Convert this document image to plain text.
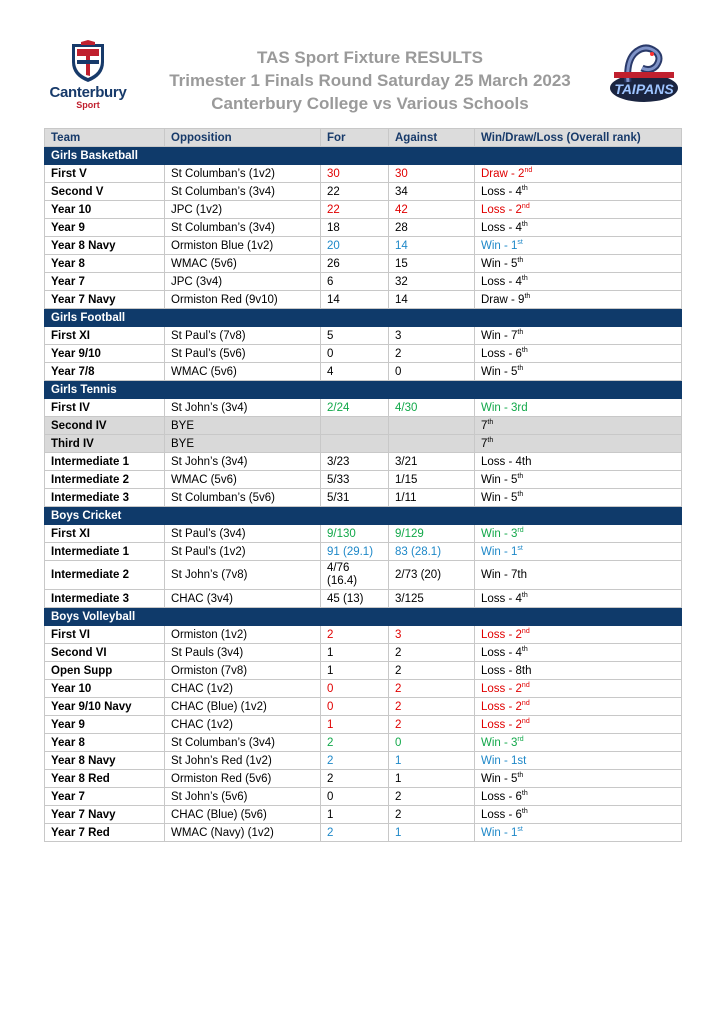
Canterbury
Sport
TAS Sport Fixture RESULTS
Trimester 1 Finals Round Saturday 25 March 2023
Canterbury College vs Various Schools
TAIPANS
Team	Opposition	For	Against	Win/Draw/Loss (Overall rank)
Girls Basketball				
First V	St Columban’s (1v2)	30	30	Draw - 2nd
Second V	St Columban’s (3v4)	22	34	Loss - 4th
Year 10	JPC (1v2)	22	42	Loss - 2nd
Year 9	St Columban’s (3v4)	18	28	Loss - 4th
Year 8 Navy	Ormiston Blue (1v2)	20	14	Win - 1st
Year 8	WMAC (5v6)	26	15	Win - 5th
Year 7	JPC (3v4)	6	32	Loss - 4th
Year 7 Navy	Ormiston Red (9v10)	14	14	Draw - 9th
Girls Football				
First XI	St Paul’s (7v8)	5	3	Win - 7th
Year 9/10	St Paul’s (5v6)	0	2	Loss - 6th
Year 7/8	WMAC (5v6)	4	0	Win - 5th
Girls Tennis				
First IV	St John’s (3v4)	2/24	4/30	Win - 3rd
Second IV	BYE			7th
Third IV	BYE			7th
Intermediate 1	St John’s (3v4)	3/23	3/21	Loss - 4th
Intermediate 2	WMAC (5v6)	5/33	1/15	Win - 5th
Intermediate 3	St Columban’s (5v6)	5/31	1/11	Win - 5th
Boys Cricket				
First XI	St Paul’s (3v4)	9/130	9/129	Win - 3rd
Intermediate 1	St Paul’s (1v2)	91 (29.1)	83 (28.1)	Win - 1st
Intermediate 2	St John’s (7v8)	4/76 (16.4)	2/73 (20)	Win - 7th
Intermediate 3	CHAC (3v4)	45 (13)	3/125	Loss - 4th
Boys Volleyball				
First VI	Ormiston (1v2)	2	3	Loss - 2nd
Second VI	St Pauls (3v4)	1	2	Loss - 4th
Open Supp	Ormiston (7v8)	1	2	Loss - 8th
Year 10	CHAC (1v2)	0	2	Loss - 2nd
Year 9/10 Navy	CHAC (Blue) (1v2)	0	2	Loss - 2nd
Year 9	CHAC (1v2)	1	2	Loss - 2nd
Year 8	St Columban’s (3v4)	2	0	Win - 3rd
Year 8 Navy	St John’s Red (1v2)	2	1	Win - 1st
Year 8 Red	Ormiston Red (5v6)	2	1	Win - 5th
Year 7	St John’s (5v6)	0	2	Loss - 6th
Year 7 Navy	CHAC (Blue) (5v6)	1	2	Loss - 6th
Year 7 Red	WMAC (Navy) (1v2)	2	1	Win - 1st
